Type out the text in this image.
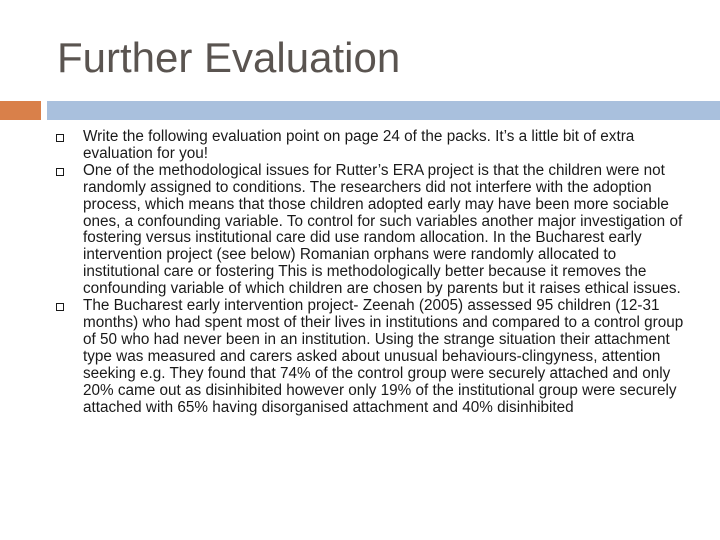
Further Evaluation
Write the following evaluation point on page 24 of the packs. It’s a little bit of extra evaluation for you!
One of the methodological issues for Rutter’s ERA project is that the children were not randomly assigned to conditions. The researchers did not interfere with the adoption process, which means that those children adopted early may have been more sociable ones, a confounding variable. To control for such variables another major investigation of fostering versus institutional care did use random allocation. In the Bucharest early intervention project (see below) Romanian orphans were randomly allocated to institutional care or fostering This is methodologically better because it removes the confounding variable of which children are chosen by parents but it raises ethical issues.
The Bucharest early intervention project- Zeenah (2005) assessed 95 children (12-31 months) who had spent most of their lives in institutions and compared to a control group of 50 who had never been in an institution. Using the strange situation their attachment type was measured and carers asked about unusual behaviours-clingyness, attention seeking e.g. They found that 74% of the control group were securely attached and only 20% came out as disinhibited however only 19% of the institutional group were securely attached with 65% having disorganised attachment and 40% disinhibited
